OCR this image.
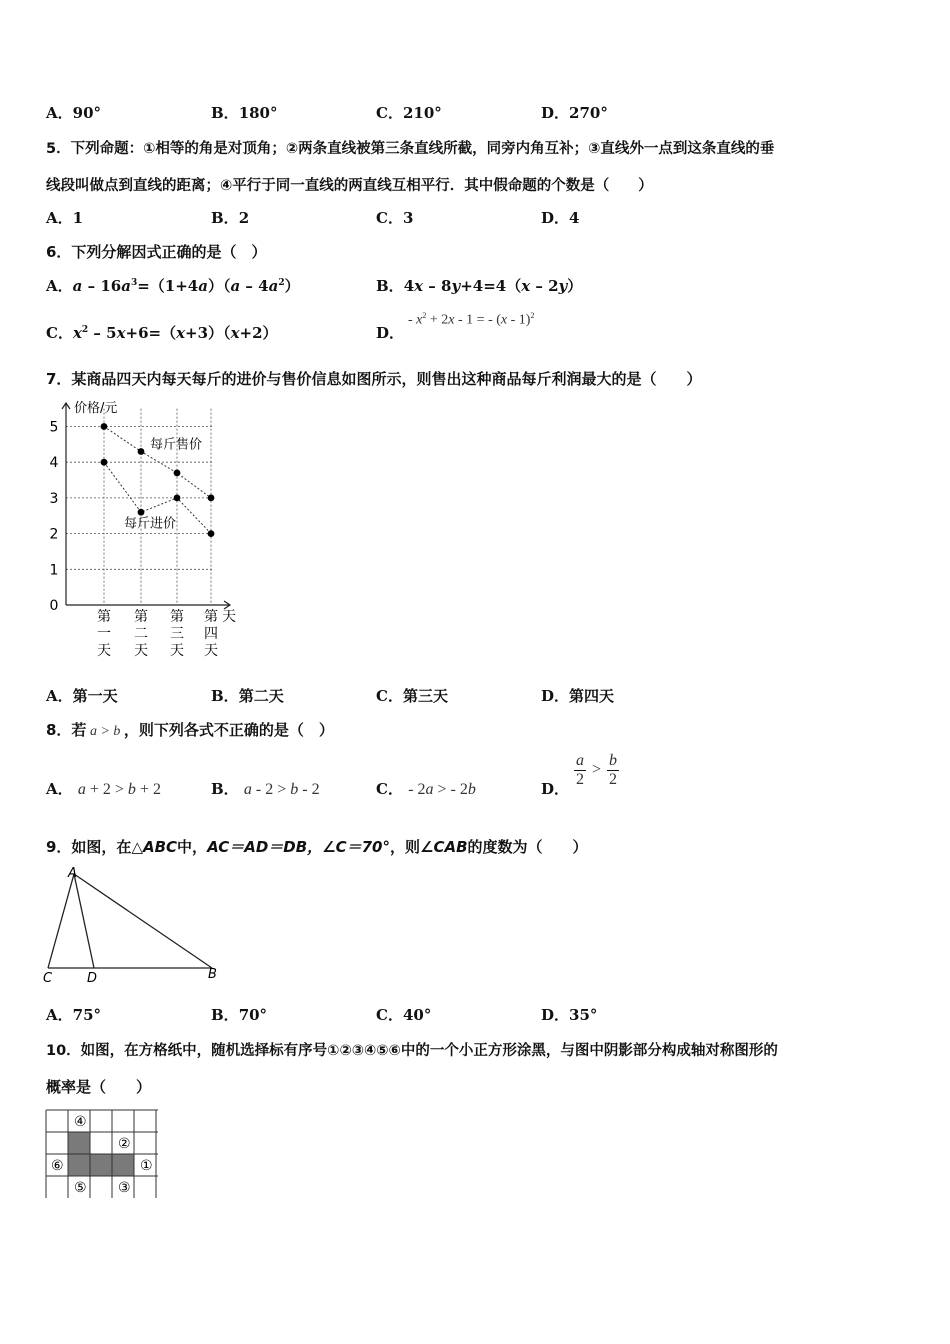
A．90°	B．180°	C．210°	D．270°
5．下列命题：①相等的角是对顶角；②两条直线被第三条直线所截，同旁内角互补；③直线外一点到这条直线的垂
线段叫做点到直线的距离；④平行于同一直线的两直线互相平行．其中假命题的个数是（　　）
A．1	B．2	C．3	D．4
6．下列分解因式正确的是（　）
A．$a - 16a^3=(1+4a)(a - 4a^2)$	B．4x – 8y+4=4（x – 2y）
C．$x^2 - 5x+6=(x+3)(x+2)$	D．
- $x^2 + 2x - 1$ = - (x - 1)$^2$
7．某商品四天内每天每斤的进价与售价信息如图所示，则售出这种商品每斤利润最大的是（　　）
0
1
2
3
4
5
价格/元
第
一
天
第
二
天
第
三
天
四
天
第 天
每斤售价
每斤进价
A．第一天	B．第二天	C．第三天	D．第四天
8．若 a > b ，则下列各式不正确的是（　）
A． a + 2 > b + 2	B． a - 2 > b - 2	C． - 2a > - 2b	D． $\frac{a}{2} > \frac{b}{2}$
9．如图，在△ABC中，AC＝AD＝DB，∠C＝70°，则∠CAB的度数为（　　）
A
C	D	B
A．75°	B．70°	C．40°	D．35°
10．如图，在方格纸中，随机选择标有序号①②③④⑤⑥中的一个小正方形涂黑，与图中阴影部分构成轴对称图形的
概率是（　　）
④
②
①
⑥
⑤ ③
